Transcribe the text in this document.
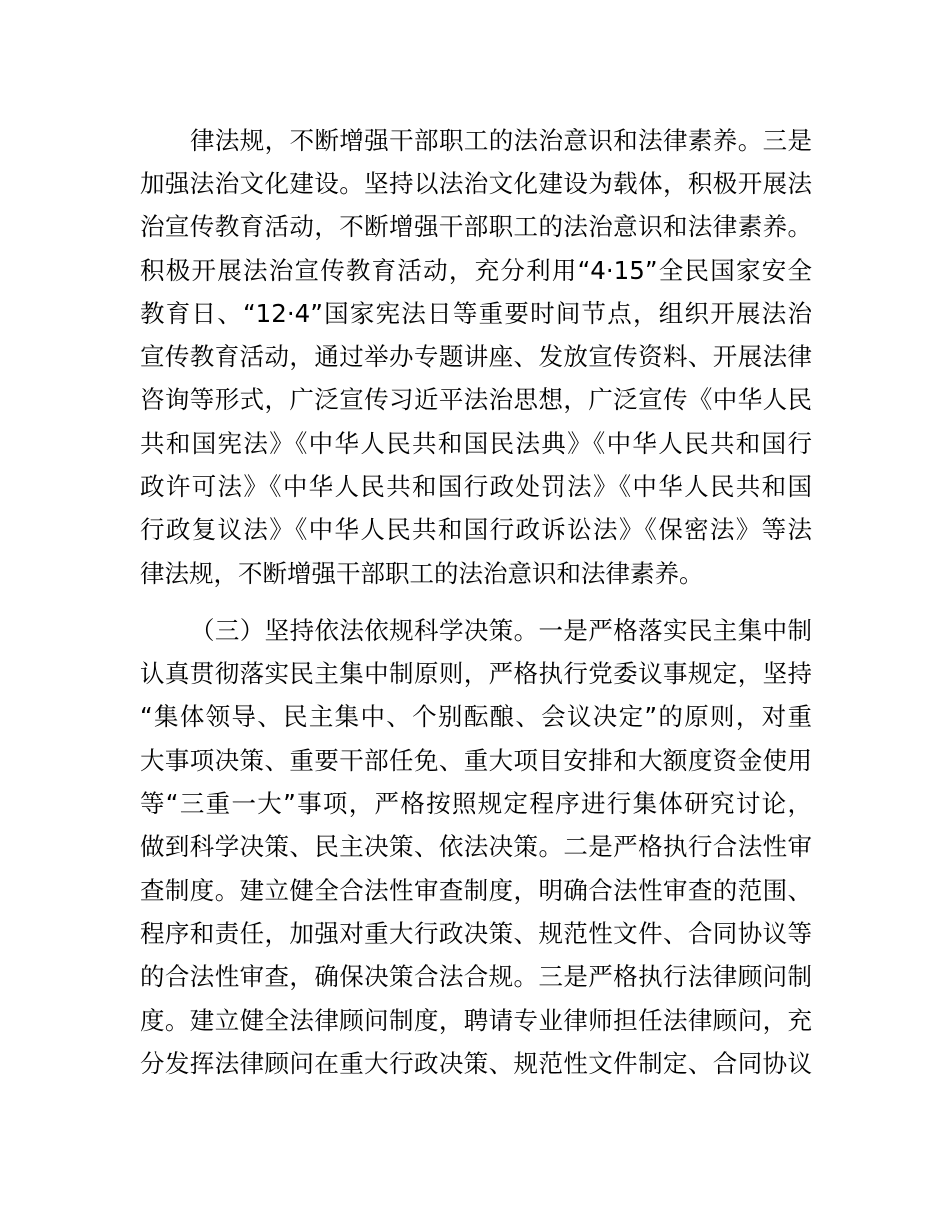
律法规，不断增强干部职工的法治意识和法律素养。三是
加强法治文化建设。坚持以法治文化建设为载体，积极开展法
治宣传教育活动，不断增强干部职工的法治意识和法律素养。
积极开展法治宣传教育活动，充分利用“4·15”全民国家安全
教育日、“12·4”国家宪法日等重要时间节点，组织开展法治
宣传教育活动，通过举办专题讲座、发放宣传资料、开展法律
咨询等形式，广泛宣传习近平法治思想，广泛宣传《中华人民
共和国宪法》《中华人民共和国民法典》《中华人民共和国行
政许可法》《中华人民共和国行政处罚法》《中华人民共和国
行政复议法》《中华人民共和国行政诉讼法》《保密法》等法
律法规，不断增强干部职工的法治意识和法律素养。
（三）坚持依法依规科学决策。一是严格落实民主集中制
认真贯彻落实民主集中制原则，严格执行党委议事规定，坚持
“集体领导、民主集中、个别酝酿、会议决定”的原则，对重
大事项决策、重要干部任免、重大项目安排和大额度资金使用
等“三重一大”事项，严格按照规定程序进行集体研究讨论，
做到科学决策、民主决策、依法决策。二是严格执行合法性审
查制度。建立健全合法性审查制度，明确合法性审查的范围、
程序和责任，加强对重大行政决策、规范性文件、合同协议等
的合法性审查，确保决策合法合规。三是严格执行法律顾问制
度。建立健全法律顾问制度，聘请专业律师担任法律顾问，充
分发挥法律顾问在重大行政决策、规范性文件制定、合同协议
